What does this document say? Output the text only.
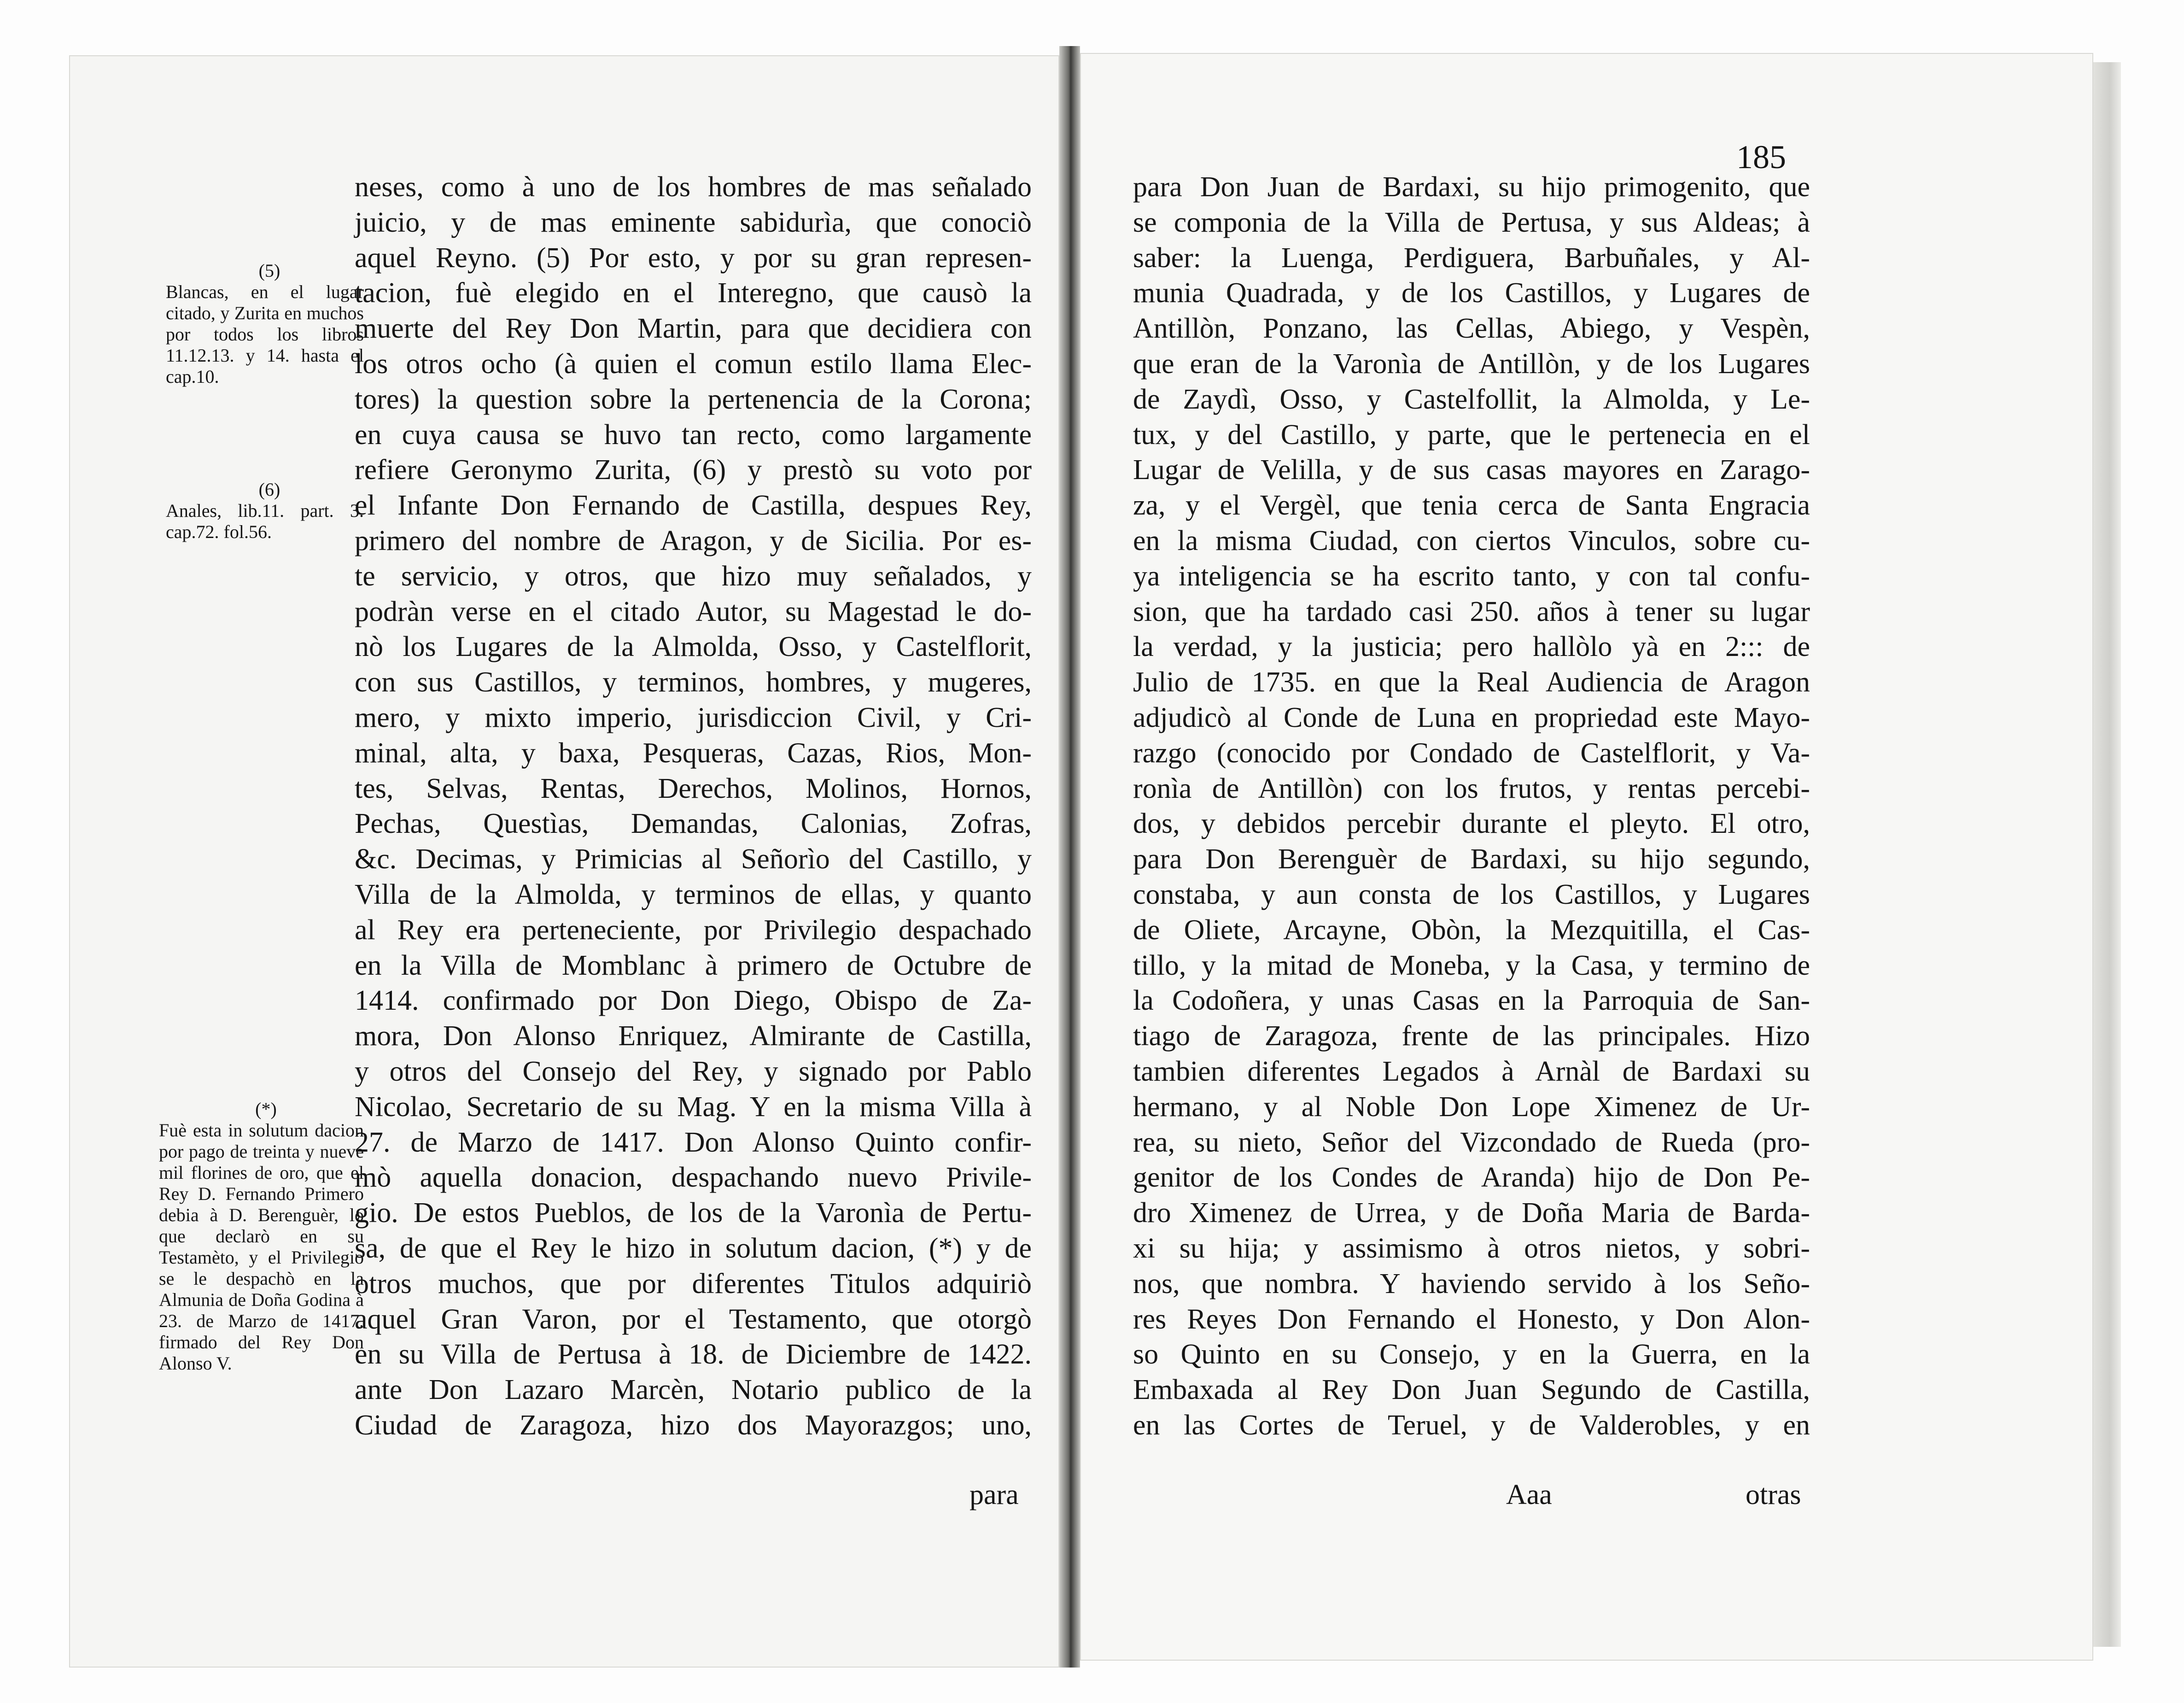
(5)
Blancas, en el lugar citado, y Zurita en muchos por todos los libros 11.12.13. y 14. hasta el cap.10.
(6)
Anales, lib.11. part. 3. cap.72. fol.56.
(*)
Fuè esta in solutum dacion por pago de treinta y nueve mil florines de oro, que el Rey D. Fernando Primero debia à D. Berenguèr, lo que declarò en su Testamèto, y el Privilegio se le despachò en la Almunia de Doña Godina à 23. de Marzo de 1417. firmado del Rey Don Alonso V.
neses, como à uno de los hombres de mas señalado
juicio, y de mas eminente sabidurìa, que conociò
aquel Reyno. (5) Por esto, y por su gran represen-
tacion, fuè elegido en el Interegno, que causò la
muerte del Rey Don Martin, para que decidiera con
los otros ocho (à quien el comun estilo llama Elec-
tores) la question sobre la pertenencia de la Corona;
en cuya causa se huvo tan recto, como largamente
refiere Geronymo Zurita, (6) y prestò su voto por
el Infante Don Fernando de Castilla, despues Rey,
primero del nombre de Aragon, y de Sicilia. Por es-
te servicio, y otros, que hizo muy señalados, y
podràn verse en el citado Autor, su Magestad le do-
nò los Lugares de la Almolda, Osso, y Castelflorit,
con sus Castillos, y terminos, hombres, y mugeres,
mero, y mixto imperio, jurisdiccion Civil, y Cri-
minal, alta, y baxa, Pesqueras, Cazas, Rios, Mon-
tes, Selvas, Rentas, Derechos, Molinos, Hornos,
Pechas, Questìas, Demandas, Calonias, Zofras,
&c. Decimas, y Primicias al Señorìo del Castillo, y
Villa de la Almolda, y terminos de ellas, y quanto
al Rey era perteneciente, por Privilegio despachado
en la Villa de Momblanc à primero de Octubre de
1414. confirmado por Don Diego, Obispo de Za-
mora, Don Alonso Enriquez, Almirante de Castilla,
y otros del Consejo del Rey, y signado por Pablo
Nicolao, Secretario de su Mag. Y en la misma Villa à
27. de Marzo de 1417. Don Alonso Quinto confir-
mò aquella donacion, despachando nuevo Privile-
gio. De estos Pueblos, de los de la Varonìa de Pertu-
sa, de que el Rey le hizo in solutum dacion, (*) y de
otros muchos, que por diferentes Titulos adquiriò
aquel Gran Varon, por el Testamento, que otorgò
en su Villa de Pertusa à 18. de Diciembre de 1422.
ante Don Lazaro Marcèn, Notario publico de la
Ciudad de Zaragoza, hizo dos Mayorazgos; uno,
para
185
para Don Juan de Bardaxi, su hijo primogenito, que
se componia de la Villa de Pertusa, y sus Aldeas; à
saber: la Luenga, Perdiguera, Barbuñales, y Al-
munia Quadrada, y de los Castillos, y Lugares de
Antillòn, Ponzano, las Cellas, Abiego, y Vespèn,
que eran de la Varonìa de Antillòn, y de los Lugares
de Zaydì, Osso, y Castelfollit, la Almolda, y Le-
tux, y del Castillo, y parte, que le pertenecia en el
Lugar de Velilla, y de sus casas mayores en Zarago-
za, y el Vergèl, que tenia cerca de Santa Engracia
en la misma Ciudad, con ciertos Vinculos, sobre cu-
ya inteligencia se ha escrito tanto, y con tal confu-
sion, que ha tardado casi 250. años à tener su lugar
la verdad, y la justicia; pero hallòlo yà en 2::: de
Julio de 1735. en que la Real Audiencia de Aragon
adjudicò al Conde de Luna en propriedad este Mayo-
razgo (conocido por Condado de Castelflorit, y Va-
ronìa de Antillòn) con los frutos, y rentas percebi-
dos, y debidos percebir durante el pleyto. El otro,
para Don Berenguèr de Bardaxi, su hijo segundo,
constaba, y aun consta de los Castillos, y Lugares
de Oliete, Arcayne, Obòn, la Mezquitilla, el Cas-
tillo, y la mitad de Moneba, y la Casa, y termino de
la Codoñera, y unas Casas en la Parroquia de San-
tiago de Zaragoza, frente de las principales. Hizo
tambien diferentes Legados à Arnàl de Bardaxi su
hermano, y al Noble Don Lope Ximenez de Ur-
rea, su nieto, Señor del Vizcondado de Rueda (pro-
genitor de los Condes de Aranda) hijo de Don Pe-
dro Ximenez de Urrea, y de Doña Maria de Barda-
xi su hija; y assimismo à otros nietos, y sobri-
nos, que nombra. Y haviendo servido à los Seño-
res Reyes Don Fernando el Honesto, y Don Alon-
so Quinto en su Consejo, y en la Guerra, en la
Embaxada al Rey Don Juan Segundo de Castilla,
en las Cortes de Teruel, y de Valderobles, y en
Aaa	otras
